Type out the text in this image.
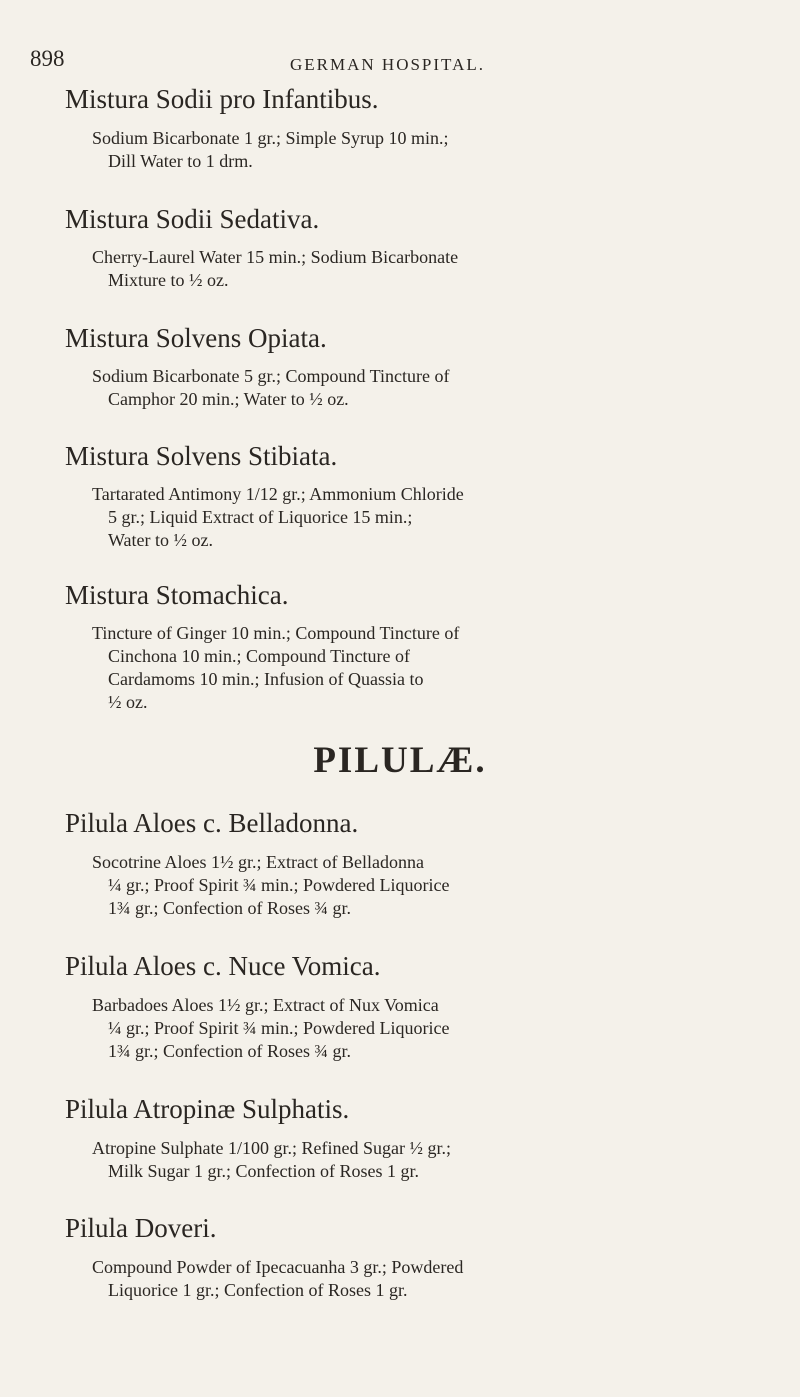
898	GERMAN HOSPITAL.
Mistura Sodii pro Infantibus.
Sodium Bicarbonate 1 gr.; Simple Syrup 10 min.;
Dill Water to 1 drm.
Mistura Sodii Sedativa.
Cherry-Laurel Water 15 min.; Sodium Bicarbonate
Mixture to ½ oz.
Mistura Solvens Opiata.
Sodium Bicarbonate 5 gr.; Compound Tincture of
Camphor 20 min.; Water to ½ oz.
Mistura Solvens Stibiata.
Tartarated Antimony 1/12 gr.; Ammonium Chloride
5 gr.; Liquid Extract of Liquorice 15 min.;
Water to ½ oz.
Mistura Stomachica.
Tincture of Ginger 10 min.; Compound Tincture of
Cinchona 10 min.; Compound Tincture of
Cardamoms 10 min.; Infusion of Quassia to
½ oz.
PILULÆ.
Pilula Aloes c. Belladonna.
Socotrine Aloes 1½ gr.; Extract of Belladonna
¼ gr.; Proof Spirit ¾ min.; Powdered Liquorice
1¾ gr.; Confection of Roses ¾ gr.
Pilula Aloes c. Nuce Vomica.
Barbadoes Aloes 1½ gr.; Extract of Nux Vomica
¼ gr.; Proof Spirit ¾ min.; Powdered Liquorice
1¾ gr.; Confection of Roses ¾ gr.
Pilula Atropinæ Sulphatis.
Atropine Sulphate 1/100 gr.; Refined Sugar ½ gr.;
Milk Sugar 1 gr.; Confection of Roses 1 gr.
Pilula Doveri.
Compound Powder of Ipecacuanha 3 gr.; Powdered
Liquorice 1 gr.; Confection of Roses 1 gr.
